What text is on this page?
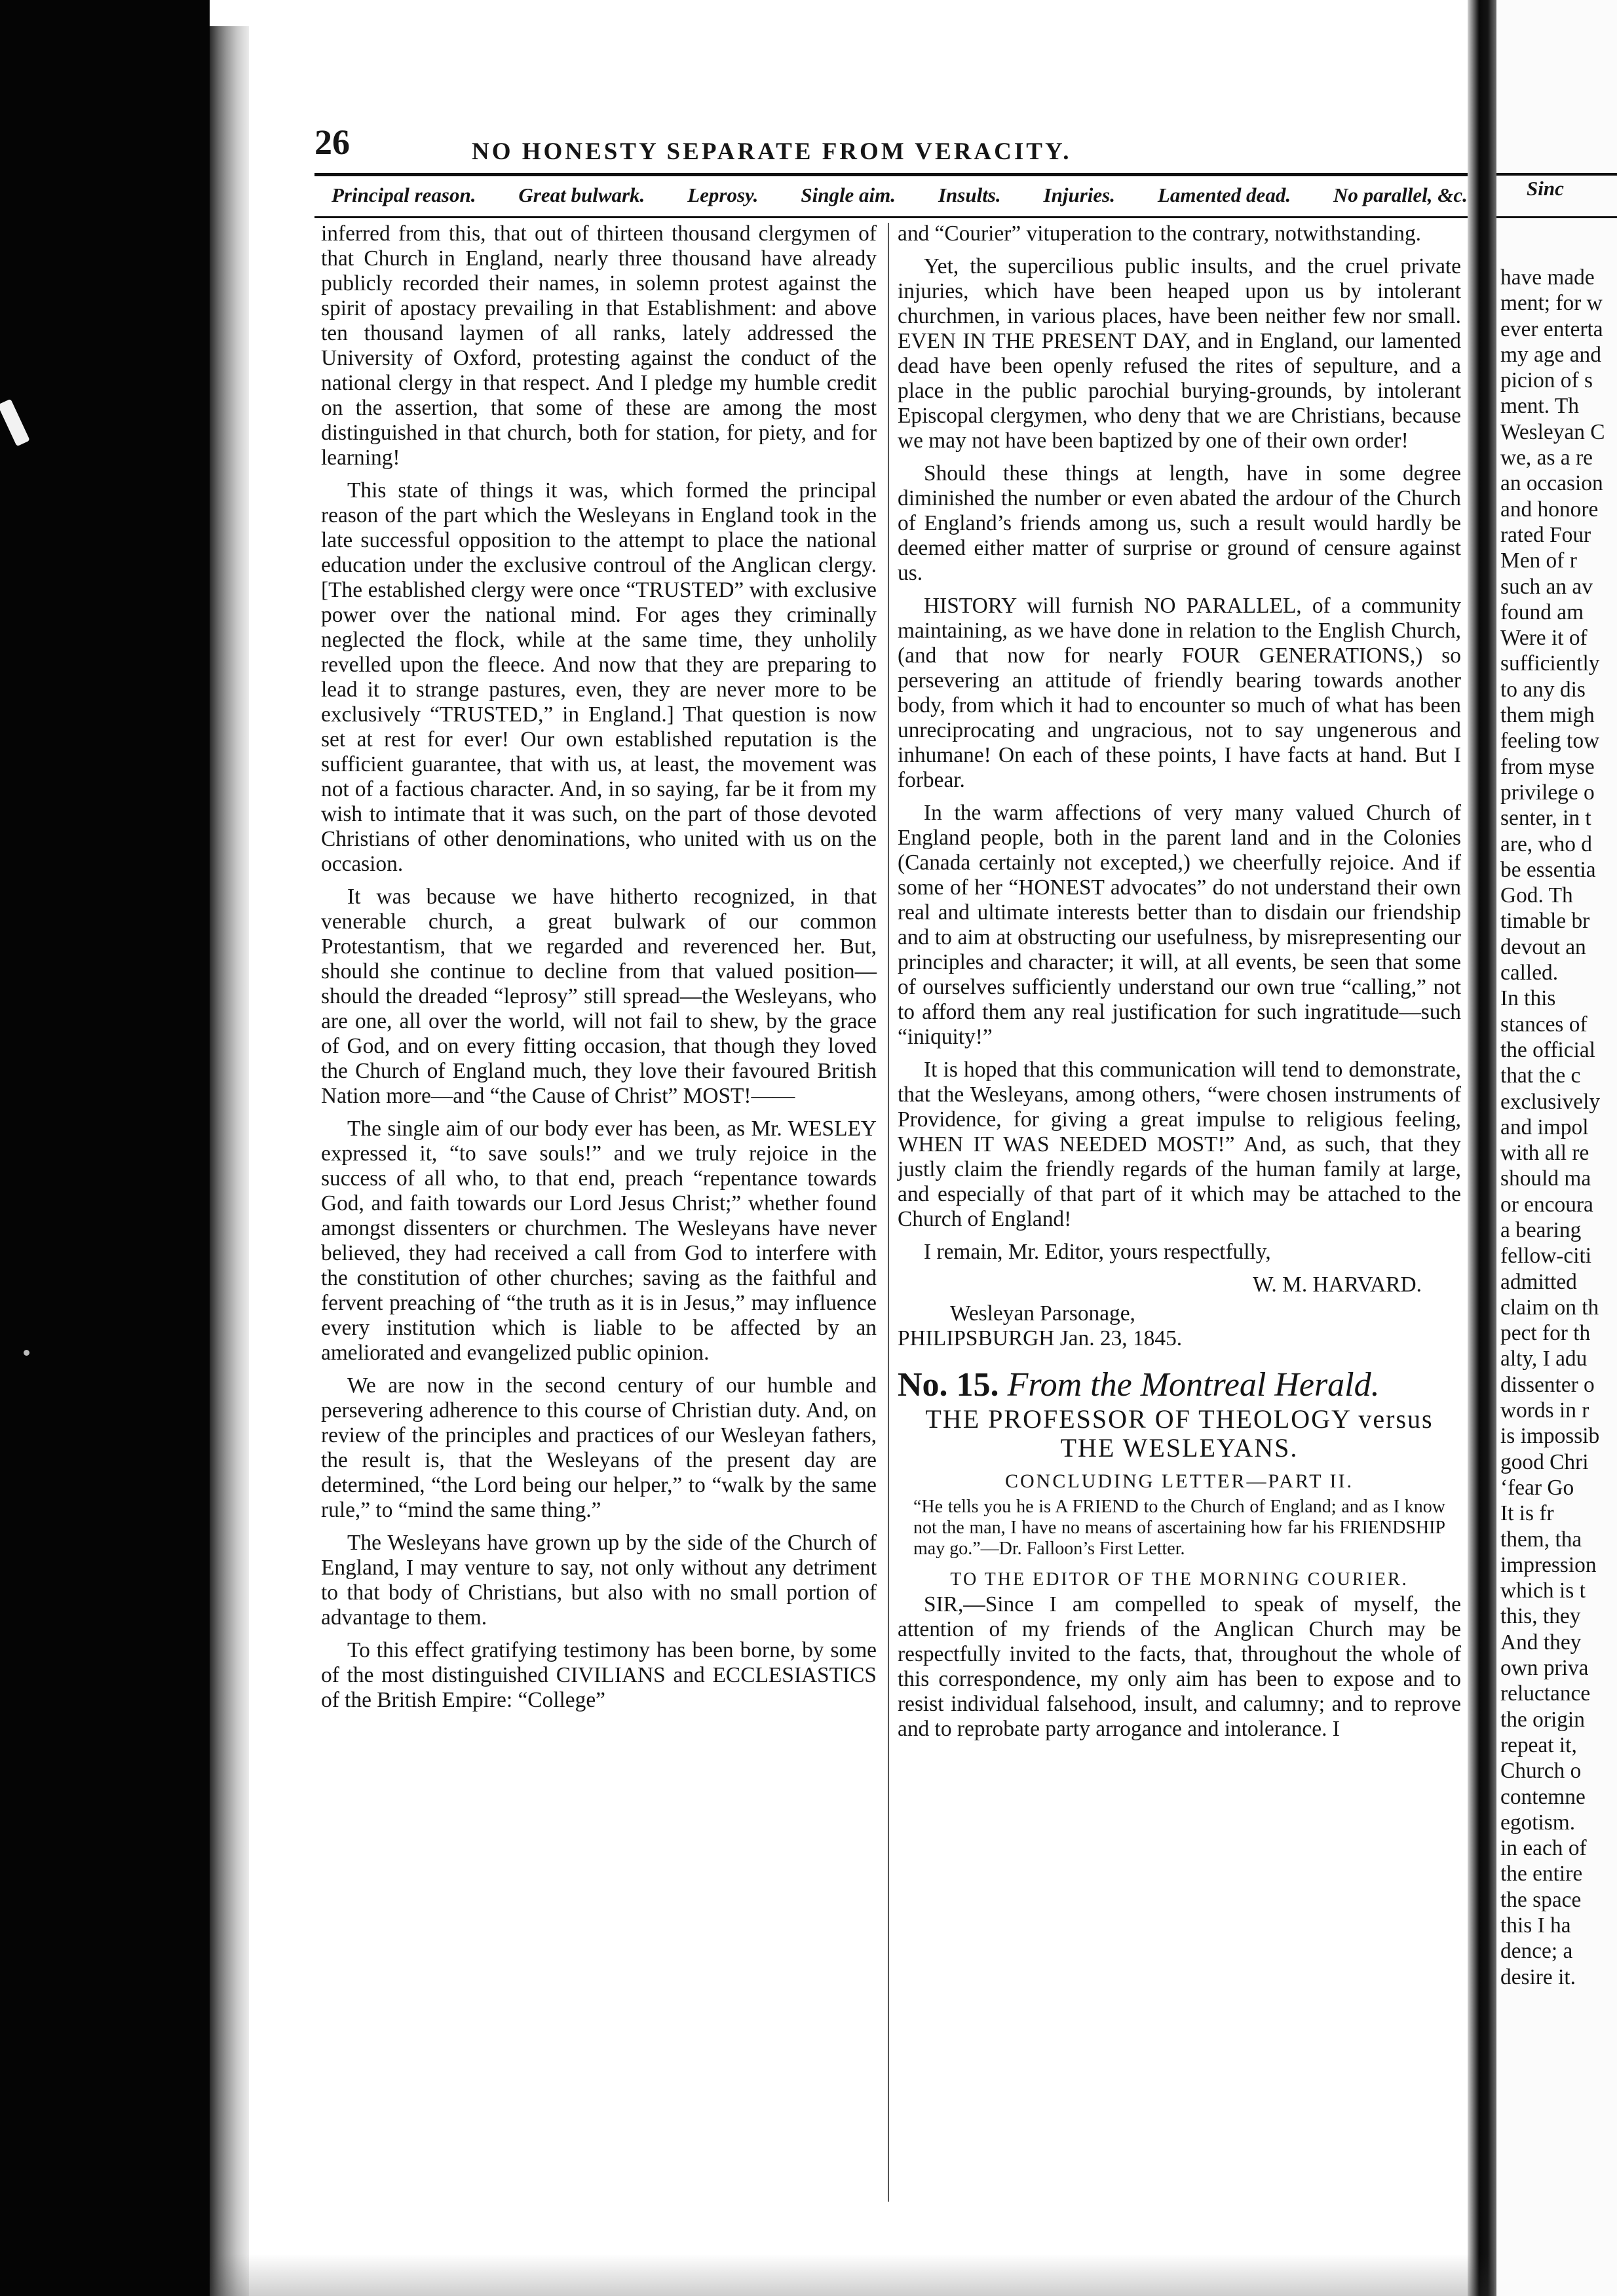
26	NO HONESTY SEPARATE FROM VERACITY.
Principal reason. Great bulwark. Leprosy. Single aim. Insults. Injuries. Lamented dead. No parallel, &c.

inferred from this, that out of thirteen thousand clergymen of that Church in England, nearly three thousand have already publicly recorded their names, in solemn protest against the spirit of apostacy prevailing in that Establishment: and above ten thousand laymen of all ranks, lately addressed the University of Oxford, protesting against the conduct of the national clergy in that respect. And I pledge my humble credit on the assertion, that some of these are among the most distinguished in that church, both for station, for piety, and for learning!

This state of things it was, which formed the principal reason of the part which the Wesleyans in England took in the late successful opposition to the attempt to place the national education under the exclusive controul of the Anglican clergy. [The established clergy were once “TRUSTED” with exclusive power over the national mind. For ages they criminally neglected the flock, while at the same time, they unholily revelled upon the fleece. And now that they are preparing to lead it to strange pastures, even, they are never more to be exclusively “TRUSTED,” in England.] That question is now set at rest for ever! Our own established reputation is the sufficient guarantee, that with us, at least, the movement was not of a factious character. And, in so saying, far be it from my wish to intimate that it was such, on the part of those devoted Christians of other denominations, who united with us on the occasion.

It was because we have hitherto recognized, in that venerable church, a great bulwark of our common Protestantism, that we regarded and reverenced her. But, should she continue to decline from that valued position—should the dreaded “leprosy” still spread—the Wesleyans, who are one, all over the world, will not fail to shew, by the grace of God, and on every fitting occasion, that though they loved the Church of England much, they love their favoured British Nation more—and “the Cause of Christ” MOST!——

The single aim of our body ever has been, as Mr. WESLEY expressed it, “to save souls!” and we truly rejoice in the success of all who, to that end, preach “repentance towards God, and faith towards our Lord Jesus Christ;” whether found amongst dissenters or churchmen. The Wesleyans have never believed, they had received a call from God to interfere with the constitution of other churches; saving as the faithful and fervent preaching of “the truth as it is in Jesus,” may influence every institution which is liable to be affected by an ameliorated and evangelized public opinion.

We are now in the second century of our humble and persevering adherence to this course of Christian duty. And, on review of the principles and practices of our Wesleyan fathers, the result is, that the Wesleyans of the present day are determined, “the Lord being our helper,” to “walk by the same rule,” to “mind the same thing.”

The Wesleyans have grown up by the side of the Church of England, I may venture to say, not only without any detriment to that body of Christians, but also with no small portion of advantage to them.

To this effect gratifying testimony has been borne, by some of the most distinguished CIVILIANS and ECCLESIASTICS of the British Empire: “College”

and “Courier” vituperation to the contrary, notwithstanding.

Yet, the supercilious public insults, and the cruel private injuries, which have been heaped upon us by intolerant churchmen, in various places, have been neither few nor small. EVEN IN THE PRESENT DAY, and in England, our lamented dead have been openly refused the rites of sepulture, and a place in the public parochial burying-grounds, by intolerant Episcopal clergymen, who deny that we are Christians, because we may not have been baptized by one of their own order!

Should these things at length, have in some degree diminished the number or even abated the ardour of the Church of England’s friends among us, such a result would hardly be deemed either matter of surprise or ground of censure against us.

HISTORY will furnish NO PARALLEL, of a community maintaining, as we have done in relation to the English Church, (and that now for nearly FOUR GENERATIONS,) so persevering an attitude of friendly bearing towards another body, from which it had to encounter so much of what has been unreciprocating and ungracious, not to say ungenerous and inhumane! On each of these points, I have facts at hand. But I forbear.

In the warm affections of very many valued Church of England people, both in the parent land and in the Colonies (Canada certainly not excepted,) we cheerfully rejoice. And if some of her “HONEST advocates” do not understand their own real and ultimate interests better than to disdain our friendship and to aim at obstructing our usefulness, by misrepresenting our principles and character; it will, at all events, be seen that some of ourselves sufficiently understand our own true “calling,” not to afford them any real justification for such ingratitude—such “iniquity!”

It is hoped that this communication will tend to demonstrate, that the Wesleyans, among others, “were chosen instruments of Providence, for giving a great impulse to religious feeling, WHEN IT WAS NEEDED MOST!” And, as such, that they justly claim the friendly regards of the human family at large, and especially of that part of it which may be attached to the Church of England!

I remain, Mr. Editor, yours respectfully,

W. M. HARVARD.

Wesleyan Parsonage,
PHILIPSBURGH Jan. 23, 1845.
No. 15. From the Montreal Herald.
THE PROFESSOR OF THEOLOGY versus THE WESLEYANS.
CONCLUDING LETTER—PART II.
“He tells you he is A FRIEND to the Church of England; and as I know not the man, I have no means of ascertaining how far his FRIENDSHIP may go.”—Dr. Falloon’s First Letter.
TO THE EDITOR OF THE MORNING COURIER.

SIR,—Since I am compelled to speak of myself, the attention of my friends of the Anglican Church may be respectfully invited to the facts, that, throughout the whole of this correspondence, my only aim has been to expose and to resist individual falsehood, insult, and calumny; and to reprove and to reprobate party arrogance and intolerance. I

Sinc
have made
ment; for w
ever enterta
my age and
picion of s
ment. Th
Wesleyan C
we, as a re
an occasion
and honore
rated Four
Men of r
such an av
found am
Were it of
sufficiently
to any dis
them migh
feeling tow
from myse
privilege o
senter, in t
are, who d
be essentia
God. Th
timable br
devout an
called.
In this
stances of
the official
that the c
exclusively
and impol
with all re
should ma
or encoura
a bearing
fellow-citi
admitted
claim on th
pect for th
alty, I adu
dissenter o
words in r
is impossib
good Chri
‘fear Go
It is fr
them, tha
impression
which is t
this, they
And they
own priva
reluctance
the origin
repeat it,
Church o
contemne
egotism.
in each of
the entire
the space
this I ha
dence; a
desire it.
